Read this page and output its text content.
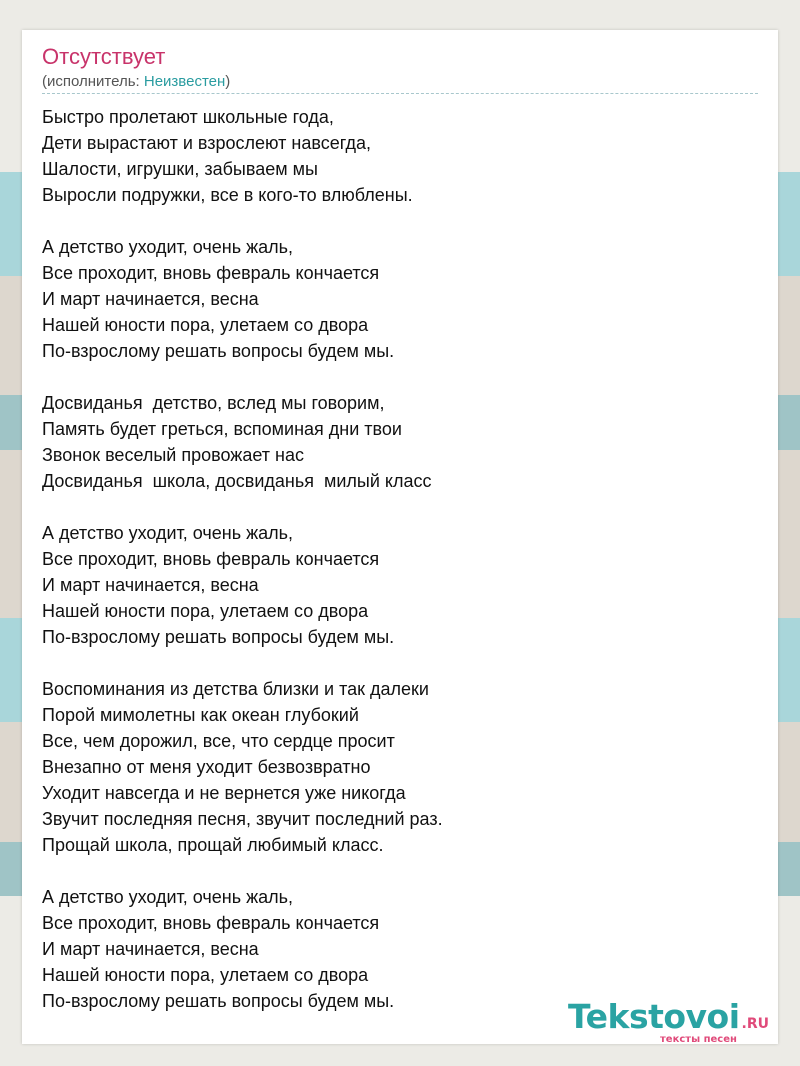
Отсутствует
(исполнитель: Неизвестен)
Быстро пролетают школьные года,
Дети вырастают и взрослеют навсегда,
Шалости, игрушки, забываем мы
Выросли подружки, все в кого-то влюблены.
А детство уходит, очень жаль,
Все проходит, вновь февраль кончается
И март начинается, весна
Нашей юности пора, улетаем со двора
По-взрослому решать вопросы будем мы.
Досвиданья  детство, вслед мы говорим,
Память будет греться, вспоминая дни твои
Звонок веселый провожает нас
Досвиданья  школа, досвиданья  милый класс
А детство уходит, очень жаль,
Все проходит, вновь февраль кончается
И март начинается, весна
Нашей юности пора, улетаем со двора
По-взрослому решать вопросы будем мы.
Воспоминания из детства близки и так далеки
Порой мимолетны как океан глубокий
Все, чем дорожил, все, что сердце просит
Внезапно от меня уходит безвозвратно
Уходит навсегда и не вернется уже никогда
Звучит последняя песня, звучит последний раз.
Прощай школа, прощай любимый класс.
А детство уходит, очень жаль,
Все проходит, вновь февраль кончается
И март начинается, весна
Нашей юности пора, улетаем со двора
По-взрослому решать вопросы будем мы.	Tekstovoi .RU
тексты песен
